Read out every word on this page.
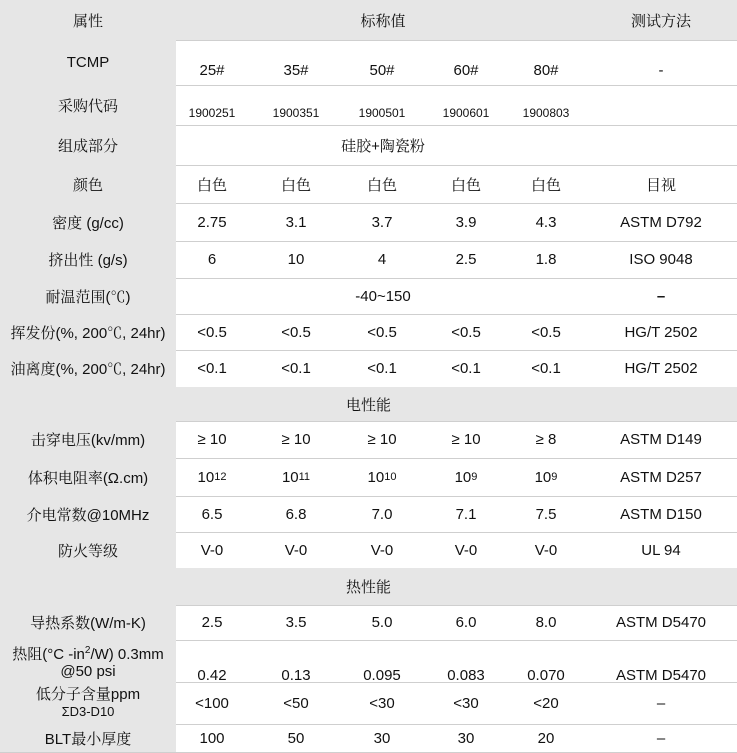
属性	标称值	测试方法
TCMP	25#	35#	50#	60#	80#	-
采购代码	1900251	1900351	1900501	1900601	1900803
组成部分	硅胶+陶瓷粉
颜色	白色	白色	白色	白色	白色	目视
密度 (g/cc)	2.75	3.1	3.7	3.9	4.3	ASTM D792
挤出性 (g/s)	6	10	4	2.5	1.8	ISO 9048
耐温范围(℃)	-40~150	–
挥发份(%, 200℃, 24hr)	<0.5	<0.5	<0.5	<0.5	<0.5	HG/T 2502
油离度(%, 200℃, 24hr)	<0.1	<0.1	<0.1	<0.1	<0.1	HG/T 2502
电性能
击穿电压(kv/mm)	≥ 10	≥ 10	≥ 10	≥ 10	≥ 8	ASTM D149
体积电阻率(Ω.cm)	10 12	10 11	10 10	10 9	10 9	ASTM D257
介电常数@10MHz	6.5	6.8	7.0	7.1	7.5	ASTM D150
防火等级	V-0	V-0	V-0	V-0	V-0	UL 94
热性能
导热系数(W/m-K)	2.5	3.5	5.0	6.0	8.0	ASTM D5470
热阻(°C $-in^2/W$) 0.3mm
@50 psi	0.42	0.13	0.095	0.083	0.070	ASTM D5470
低分子含量ppm
ΣD3-D10	<100	<50	<30	<30	<20	–
BLT最小厚度	100	50	30	30	20	–
